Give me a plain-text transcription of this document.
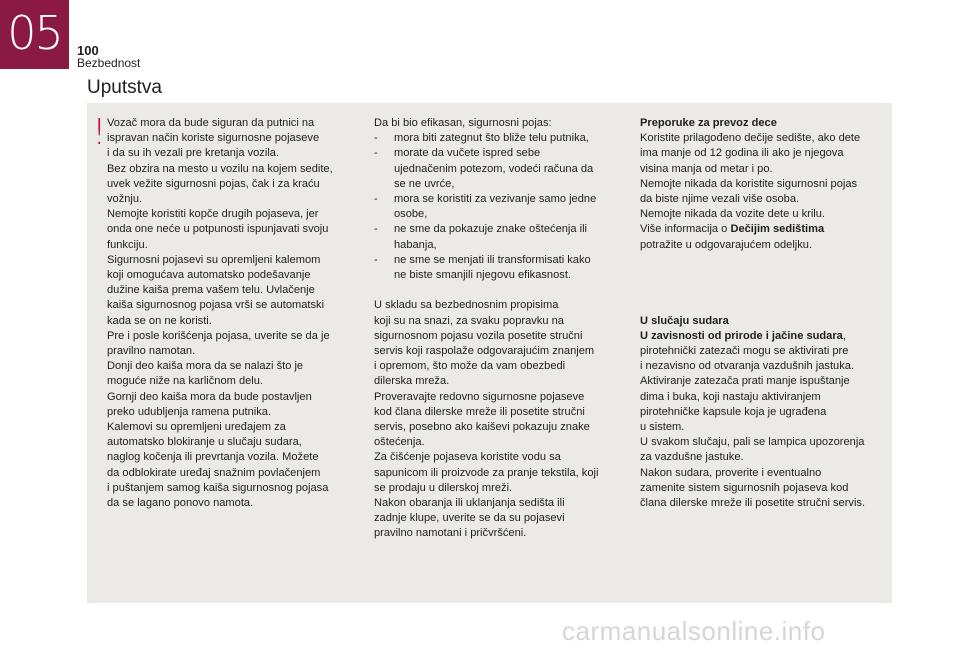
05	100
Bezbednost
Uputstva
! Vozač mora da bude siguran da putnici na

ispravan način koriste sigurnosne pojaseve

i da su ih vezali pre kretanja vozila.

Bez obzira na mesto u vozilu na kojem sedite,

uvek vežite sigurnosni pojas, čak i za kraću

vožnju.

Nemojte koristiti kopče drugih pojaseva, jer

onda one neće u potpunosti ispunjavati svoju

funkciju.

Sigurnosni pojasevi su opremljeni kalemom

koji omogućava automatsko podešavanje

dužine kaiša prema vašem telu. Uvlačenje

kaiša sigurnosnog pojasa vrši se automatski

kada se on ne koristi.

Pre i posle korišćenja pojasa, uverite se da je

pravilno namotan.

Donji deo kaiša mora da se nalazi što je

moguće niže na karličnom delu.

Gornji deo kaiša mora da bude postavljen

preko udubljenja ramena putnika.

Kalemovi su opremljeni uređajem za

automatsko blokiranje u slučaju sudara,

naglog kočenja ili prevrtanja vozila. Možete

da odblokirate uređaj snažnim povlačenjem

i puštanjem samog kaiša sigurnosnog pojasa

da se lagano ponovo namota.

Da bi bio efikasan, sigurnosni pojas:

- mora biti zategnut što bliže telu putnika,

- morate da vučete ispred sebe

ujednačenim potezom, vodeći računa da

se ne uvrće,

- mora se koristiti za vezivanje samo jedne

osobe,

- ne sme da pokazuje znake oštećenja ili

habanja,

- ne sme se menjati ili transformisati kako

ne biste smanjili njegovu efikasnost.

U skladu sa bezbednosnim propisima

koji su na snazi, za svaku popravku na

sigurnosnom pojasu vozila posetite stručni

servis koji raspolaže odgovarajućim znanjem

i opremom, što može da vam obezbedi

dilerska mreža.

Proveravajte redovno sigurnosne pojaseve

kod člana dilerske mreže ili posetite stručni

servis, posebno ako kaiševi pokazuju znake

oštećenja.

Za čišćenje pojaseva koristite vodu sa

sapunicom ili proizvode za pranje tekstila, koji

se prodaju u dilerskoj mreži.

Nakon obaranja ili uklanjanja sedišta ili

zadnje klupe, uverite se da su pojasevi

pravilno namotani i pričvršćeni.

Preporuke za prevoz dece

Koristite prilagođeno dečije sedište, ako dete

ima manje od 12 godina ili ako je njegova

visina manja od metar i po.

Nemojte nikada da koristite sigurnosni pojas

da biste njime vezali više osoba.

Nemojte nikada da vozite dete u krilu.

Više informacija o Dečijim sedištima

potražite u odgovarajućem odeljku.

U slučaju sudara

U zavisnosti od prirode i jačine sudara,

pirotehnički zatezači mogu se aktivirati pre

i nezavisno od otvaranja vazdušnih jastuka.

Aktiviranje zatezača prati manje ispuštanje

dima i buka, koji nastaju aktiviranjem

pirotehničke kapsule koja je ugrađena

u sistem.

U svakom slučaju, pali se lampica upozorenja

za vazdušne jastuke.

Nakon sudara, proverite i eventualno

zamenite sistem sigurnosnih pojaseva kod

člana dilerske mreže ili posetite stručni servis.

carmanualsonline.info
